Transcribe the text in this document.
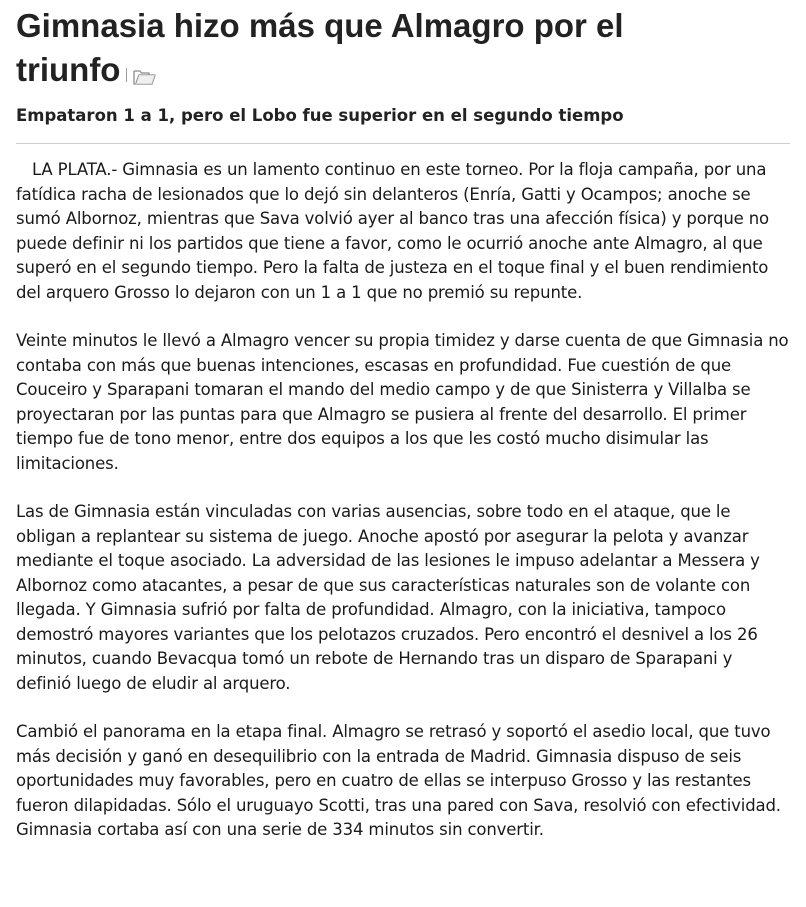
Gimnasia hizo más que Almagro por el triunfo
Empataron 1 a 1, pero el Lobo fue superior en el segundo tiempo

LA PLATA.- Gimnasia es un lamento continuo en este torneo. Por la floja campaña, por una fatídica racha de lesionados que lo dejó sin delanteros (Enría, Gatti y Ocampos; anoche se sumó Albornoz, mientras que Sava volvió ayer al banco tras una afección física) y porque no puede definir ni los partidos que tiene a favor, como le ocurrió anoche ante Almagro, al que superó en el segundo tiempo. Pero la falta de justeza en el toque final y el buen rendimiento del arquero Grosso lo dejaron con un 1 a 1 que no premió su repunte.

Veinte minutos le llevó a Almagro vencer su propia timidez y darse cuenta de que Gimnasia no contaba con más que buenas intenciones, escasas en profundidad. Fue cuestión de que Couceiro y Sparapani tomaran el mando del medio campo y de que Sinisterra y Villalba se proyectaran por las puntas para que Almagro se pusiera al frente del desarrollo. El primer tiempo fue de tono menor, entre dos equipos a los que les costó mucho disimular las limitaciones.

Las de Gimnasia están vinculadas con varias ausencias, sobre todo en el ataque, que le obligan a replantear su sistema de juego. Anoche apostó por asegurar la pelota y avanzar mediante el toque asociado. La adversidad de las lesiones le impuso adelantar a Messera y Albornoz como atacantes, a pesar de que sus características naturales son de volante con llegada. Y Gimnasia sufrió por falta de profundidad. Almagro, con la iniciativa, tampoco demostró mayores variantes que los pelotazos cruzados. Pero encontró el desnivel a los 26 minutos, cuando Bevacqua tomó un rebote de Hernando tras un disparo de Sparapani y definió luego de eludir al arquero.

Cambió el panorama en la etapa final. Almagro se retrasó y soportó el asedio local, que tuvo más decisión y ganó en desequilibrio con la entrada de Madrid. Gimnasia dispuso de seis oportunidades muy favorables, pero en cuatro de ellas se interpuso Grosso y las restantes fueron dilapidadas. Sólo el uruguayo Scotti, tras una pared con Sava, resolvió con efectividad. Gimnasia cortaba así con una serie de 334 minutos sin convertir.
